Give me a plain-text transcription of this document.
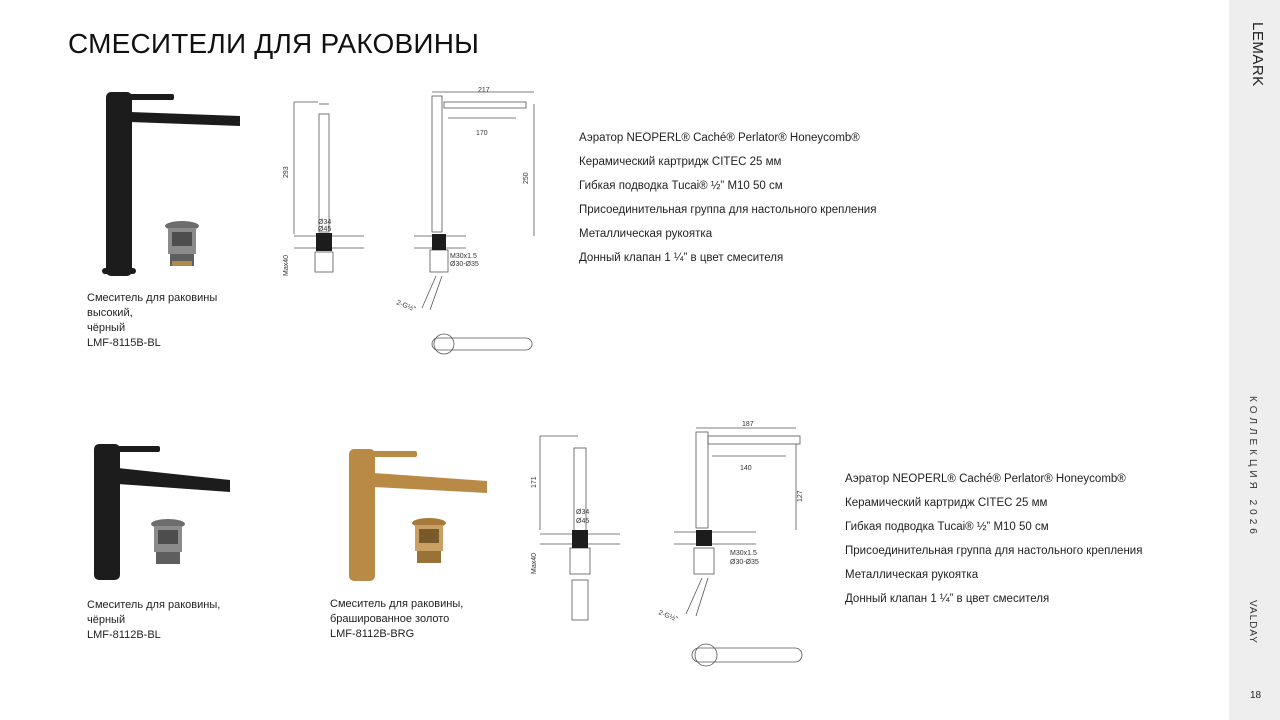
СМЕСИТЕЛИ ДЛЯ РАКОВИНЫ	LEMARK
КОЛЛЕКЦИЯ 2026
VALDAY
18
293
Ø34
Ø45
Max40
217
170
250
M30x1.5
Ø30-Ø35
2-G½"
Аэратор NEOPERL® Caché® Perlator® Honeycomb®
Керамический картридж CITEC 25 мм
Гибкая подводка Tucai® ½” M10 50 см
Присоединительная группа для настольного крепления
Металлическая рукоятка
Донный клапан 1 ¼” в цвет смесителя
Смеситель для раковины
высокий,
чёрный
LMF-8115B-BL
171
Ø34
Ø45
Max40
187
140
127
M30x1.5
Ø30-Ø35
2-G½"
Аэратор NEOPERL® Caché® Perlator® Honeycomb®
Керамический картридж CITEC 25 мм
Гибкая подводка Tucai® ½” M10 50 см
Присоединительная группа для настольного крепления
Металлическая рукоятка
Донный клапан 1 ¼” в цвет смесителя
Смеситель для раковины,
чёрный
LMF-8112B-BL
Смеситель для раковины,
брашированное золото
LMF-8112B-BRG
